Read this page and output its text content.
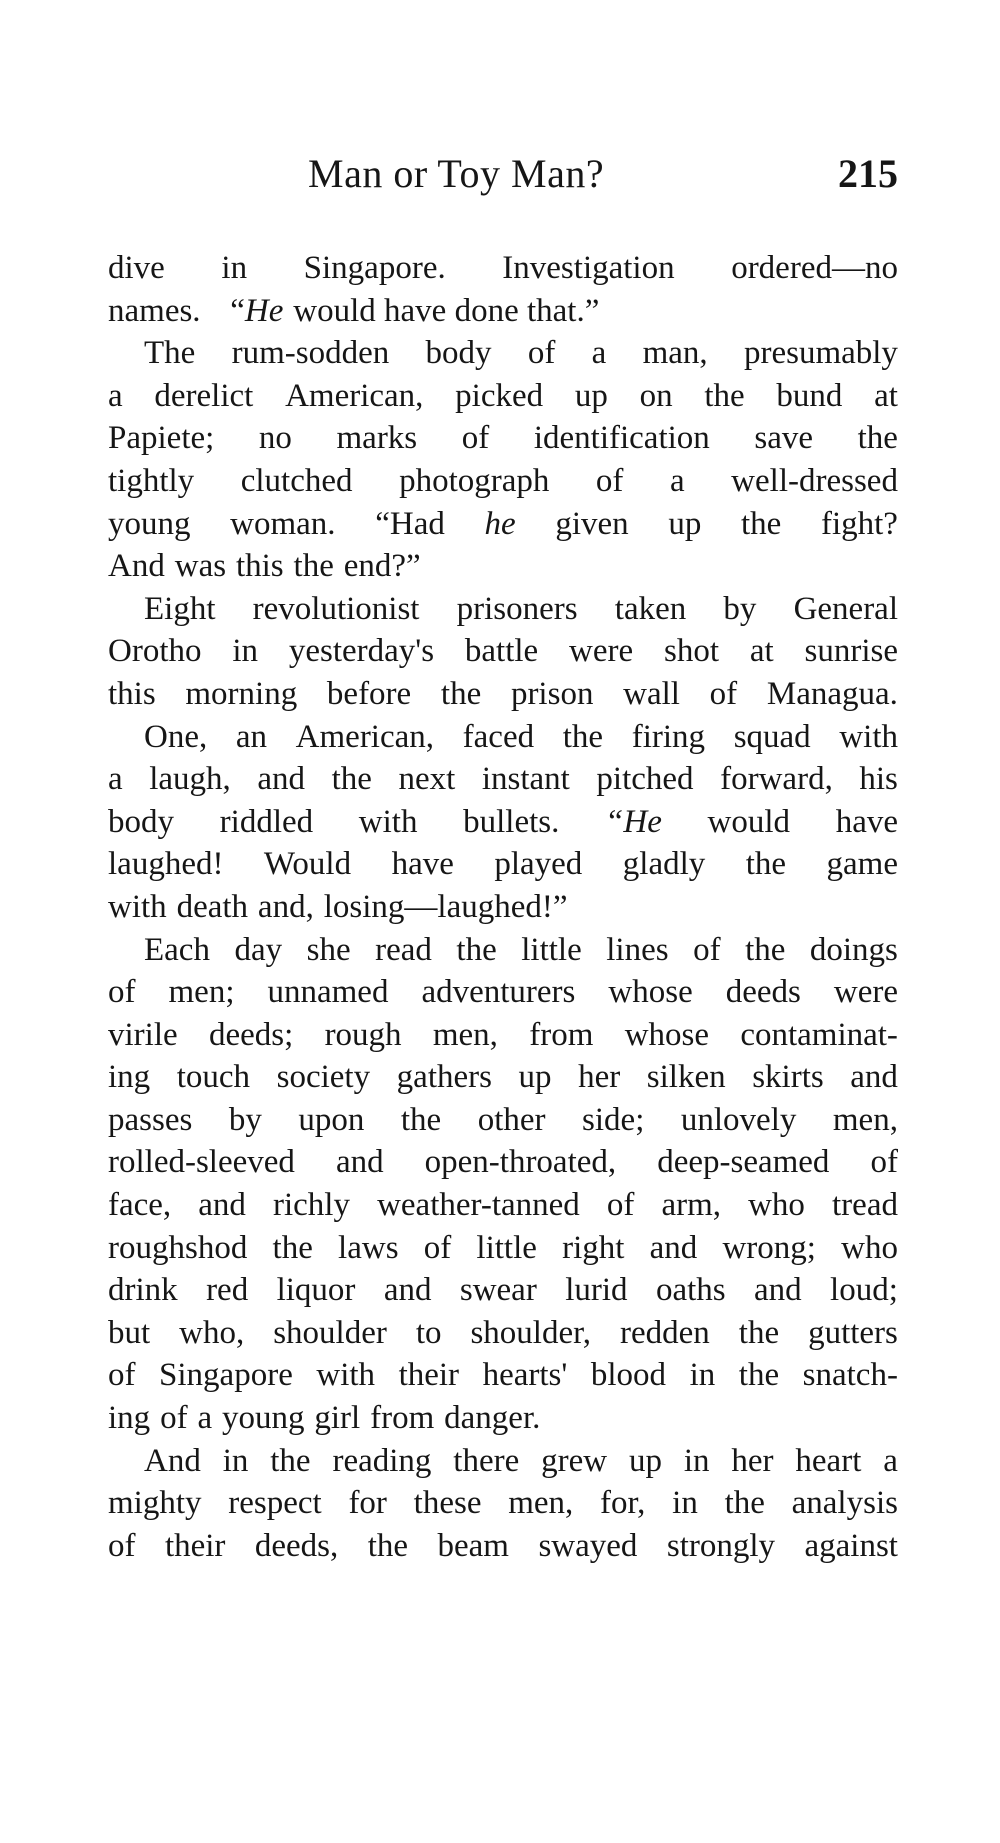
Man or Toy Man?	215
dive in Singapore. Investigation ordered—no
names. “He would have done that.”
The rum-sodden body of a man, presumably
a derelict American, picked up on the bund at
Papiete; no marks of identification save the
tightly clutched photograph of a well-dressed
young woman. “Had he given up the fight?
And was this the end?”
Eight revolutionist prisoners taken by General
Orotho in yesterday's battle were shot at sunrise
this morning before the prison wall of Managua.
One, an American, faced the firing squad with
a laugh, and the next instant pitched forward, his
body riddled with bullets. “He would have
laughed! Would have played gladly the game
with death and, losing—laughed!”
Each day she read the little lines of the doings
of men; unnamed adventurers whose deeds were
virile deeds; rough men, from whose contaminat-
ing touch society gathers up her silken skirts and
passes by upon the other side; unlovely men,
rolled-sleeved and open-throated, deep-seamed of
face, and richly weather-tanned of arm, who tread
roughshod the laws of little right and wrong; who
drink red liquor and swear lurid oaths and loud;
but who, shoulder to shoulder, redden the gutters
of Singapore with their hearts' blood in the snatch-
ing of a young girl from danger.
And in the reading there grew up in her heart a
mighty respect for these men, for, in the analysis
of their deeds, the beam swayed strongly against
